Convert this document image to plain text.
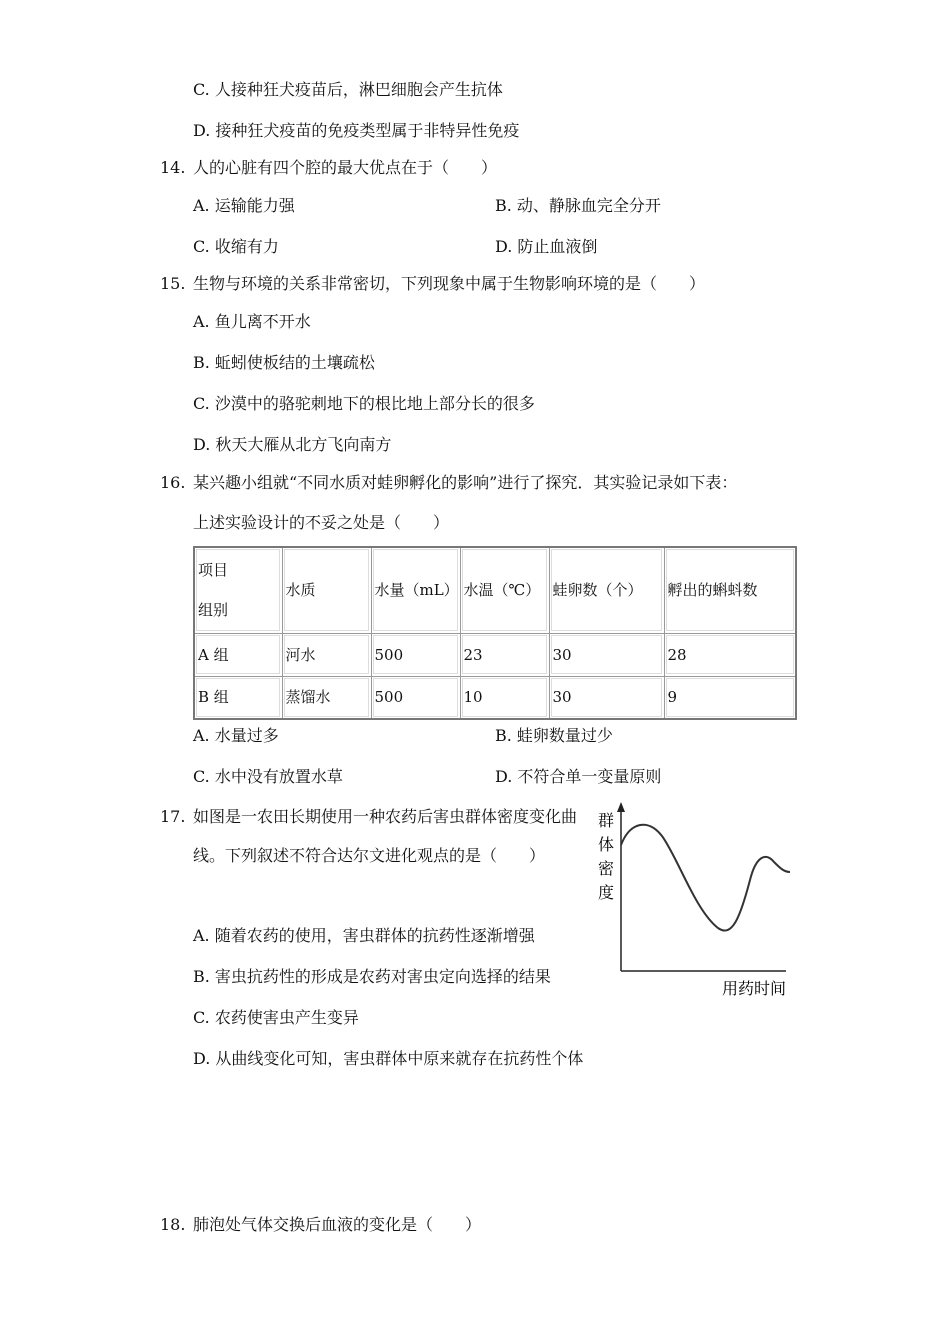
C. 人接种狂犬疫苗后，淋巴细胞会产生抗体
D. 接种狂犬疫苗的免疫类型属于非特异性免疫
14. 人的心脏有四个腔的最大优点在于（　　）
A. 运输能力强	B. 动、静脉血完全分开
C. 收缩有力	D. 防止血液倒
15. 生物与环境的关系非常密切，下列现象中属于生物影响环境的是（　　）
A. 鱼儿离不开水
B. 蚯蚓使板结的土壤疏松
C. 沙漠中的骆驼刺地下的根比地上部分长的很多
D. 秋天大雁从北方飞向南方
16. 某兴趣小组就“不同水质对蛙卵孵化的影响”进行了探究．其实验记录如下表：
上述实验设计的不妥之处是（　　）
项目
组别	水质	水量（mL）	水温（℃）	蛙卵数（个）	孵出的蝌蚪数
A 组	河水	500	23	30	28
B 组	蒸馏水	500	10	30	9
A. 水量过多	B. 蛙卵数量过少
C. 水中没有放置水草	D. 不符合单一变量原则
17. 如图是一农田长期使用一种农药后害虫群体密度变化曲
线。下列叙述不符合达尔文进化观点的是（　　）
A. 随着农药的使用，害虫群体的抗药性逐渐增强
B. 害虫抗药性的形成是农药对害虫定向选择的结果
C. 农药使害虫产生变异
D. 从曲线变化可知，害虫群体中原来就存在抗药性个体
群
体
密
度
用药时间
18. 肺泡处气体交换后血液的变化是（　　）
